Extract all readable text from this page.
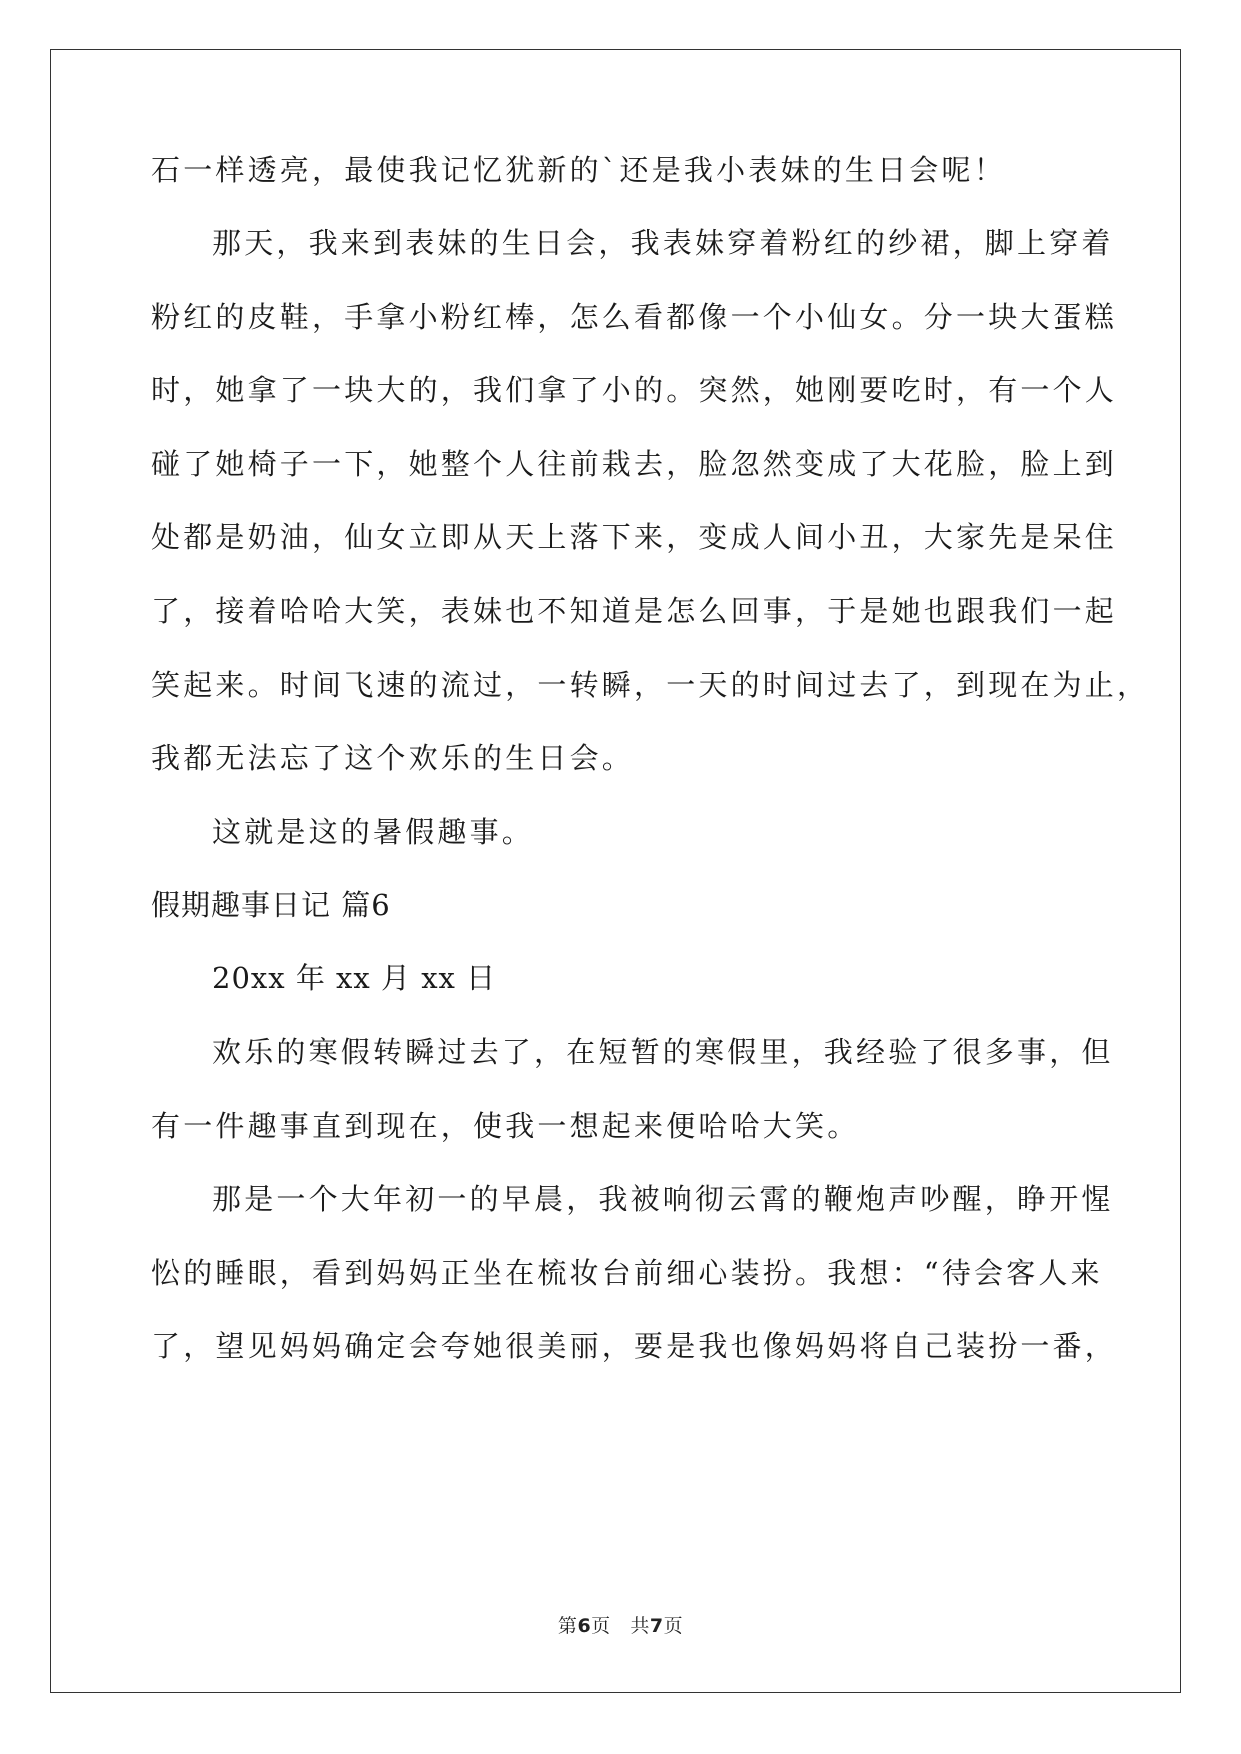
石一样透亮，最使我记忆犹新的`还是我小表妹的生日会呢！
那天，我来到表妹的生日会，我表妹穿着粉红的纱裙，脚上穿着
粉红的皮鞋，手拿小粉红棒，怎么看都像一个小仙女。分一块大蛋糕
时，她拿了一块大的，我们拿了小的。突然，她刚要吃时，有一个人
碰了她椅子一下，她整个人往前栽去，脸忽然变成了大花脸，脸上到
处都是奶油，仙女立即从天上落下来，变成人间小丑，大家先是呆住
了，接着哈哈大笑，表妹也不知道是怎么回事，于是她也跟我们一起
笑起来。时间飞速的流过，一转瞬，一天的时间过去了，到现在为止，
我都无法忘了这个欢乐的生日会。
这就是这的暑假趣事。
假期趣事日记 篇6
20xx 年 xx 月 xx 日
欢乐的寒假转瞬过去了，在短暂的寒假里，我经验了很多事，但
有一件趣事直到现在，使我一想起来便哈哈大笑。
那是一个大年初一的早晨，我被响彻云霄的鞭炮声吵醒，睁开惺
忪的睡眼，看到妈妈正坐在梳妆台前细心装扮。我想：“待会客人来
了，望见妈妈确定会夸她很美丽，要是我也像妈妈将自己装扮一番，
第6页 共7页
